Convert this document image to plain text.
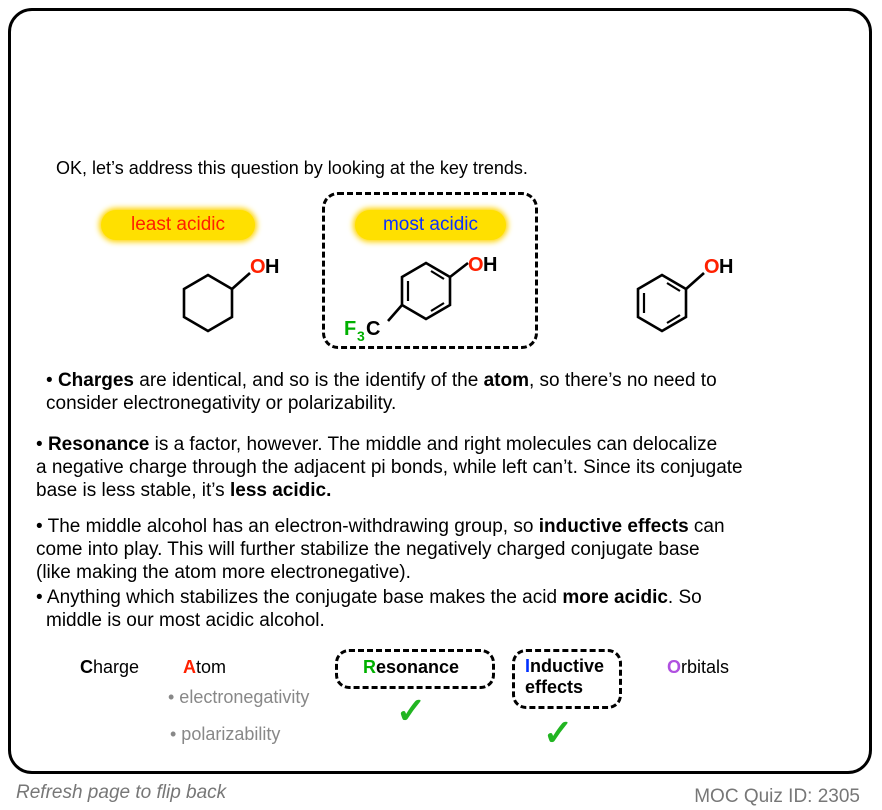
OK, let’s address this question by looking at the key trends.
least acidic	most acidic
O H	O H
F 3 C
O H
• Charges are identical, and so is the identify of the atom, so there’s no need to
consider electronegativity or polarizability.
• Resonance is a factor, however. The middle and right molecules can delocalize
a negative charge through the adjacent pi bonds, while left can’t. Since its conjugate
base is less stable, it’s less acidic.
• The middle alcohol has an electron-withdrawing group, so inductive effects can
come into play. This will further stabilize the negatively charged conjugate base
(like making the atom more electronegative).
• Anything which stabilizes the conjugate base makes the acid more acidic. So
middle is our most acidic alcohol.
Charge Atom
• electronegativity
• polarizability
Resonance
✓
Inductive
effects
✓
Orbitals
Refresh page to flip back	MOC Quiz ID: 2305
